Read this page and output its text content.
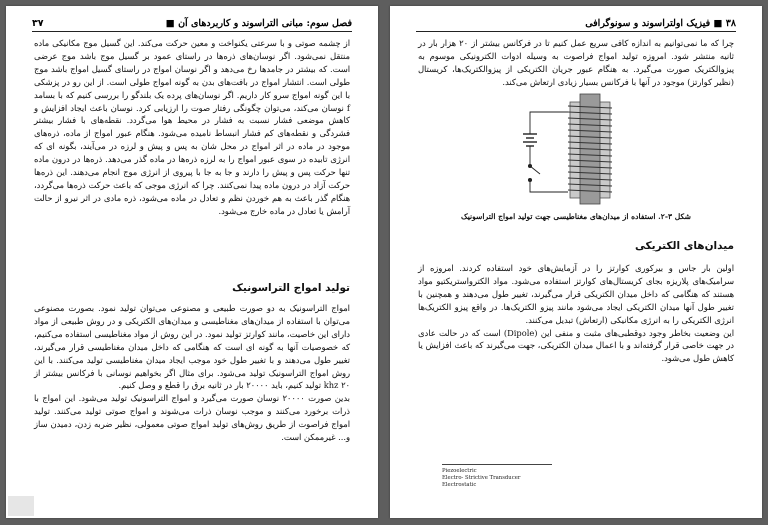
فصل سوم: مبانی التراسوند و کاربردهای آن ■
۳۷

از چشمه صوتی و با سرعتی یکنواخت و معین حرکت می‌کند. این گسیل موج مکانیکی ماده منتقل نمی‌شود. اگر نوسان‌های ذره‌ها در راستای عمود بر گسیل موج باشد موج عرضی است. که بیشتر در جامدها رخ می‌دهد و اگر نوسان امواج در راستای گسیل امواج باشد موج طولی است. انتشار امواج در بافت‌های بدن به گونه امواج طولی است. از این رو در پزشکی با این گونه امواج سرو کار داریم. اگر نوسان‌های پرده یک بلندگو را بررسی کنیم که با بسامد f نوسان می‌کند، می‌توان چگونگی رفتار صوت را ارزیابی کرد. نوسان باعث ایجاد افزایش و کاهش موضعی فشار نسبت به فشار در محیط هوا می‌گردد. نقطه‌های با فشار بیشتر فشردگی و نقطه‌های کم فشار انبساط نامیده می‌شود. هنگام عبور امواج از ماده، ذره‌های موجود در ماده در اثر امواج در محل شان به پس و پیش و لرزه در می‌آیند، بگونه ای که انرژی تابیده در سوی عبور امواج را به لرزه ذره‌ها در ماده گذر می‌دهد. ذره‌ها در درون ماده تنها حرکت پس و پیش را دارند و جا به جا با پیروی از انرژی موج انجام می‌دهند. این ذره‌ها حرکت آزاد در درون ماده پیدا نمی‌کنند. چرا که انرژی موجی که باعث حرکت ذره‌ها می‌گردد، هنگام گذر باعث به هم خوردن نظم و تعادل در ماده می‌شود، ذره مادی در اثر نیرو از حالت آرامش یا تعادل در ماده خارج می‌شود.

تولید امواج التراسونیک

امواج التراسونیک به دو صورت طبیعی و مصنوعی می‌توان تولید نمود. بصورت مصنوعی می‌توان با استفاده از میدان‌های مغناطیسی و میدان‌های الکتریکی و در روش طبیعی از مواد دارای این خاصیت، مانند کوارتز تولید نمود. در این روش از مواد مغناطیسی استفاده می‌کنیم، که خصوصیات آنها به گونه ای است که هنگامی که داخل میدان مغناطیسی قرار می‌گیرند، تغییر طول می‌دهند و با تغییر طول خود موجب ایجاد میدان مغناطیسی تولید می‌کنند. با این روش امواج التراسونیک تولید می‌شود. برای مثال اگر بخواهیم نوسانی با فرکانس بیشتر از ۲۰ khz تولید کنیم، باید ۲۰۰۰۰ بار در ثانیه برق را قطع و وصل کنیم.

بدین صورت ۲۰۰۰۰ نوسان صورت می‌گیرد و امواج التراسونیک تولید می‌شود. این امواج با ذرات برخورد می‌کنند و موجب نوسان ذرات می‌شوند و امواج صوتی تولید می‌کنند. تولید امواج فراصوت از طریق روش‌های تولید امواج صوتی معمولی، نظیر ضربه زدن، دمیدن ساز و... غیرممکن است.

۳۸ ■ فیزیک اولتراسوند و سونوگرافی

چرا که ما نمی‌توانیم به اندازه کافی سریع عمل کنیم تا در فرکانس بیشتر از ۲۰ هزار بار در ثانیه منتشر شود. امروزه تولید امواج فراصوت به وسیله ادوات الکترونیکی موسوم به پیزوالکتریک صورت می‌گیرد. به هنگام عبور جریان الکتریکی از پیزوالکتریک‌ها، کریستال (نظیر کوارتز) موجود در آنها با فرکانس بسیار زیادی ارتعاش می‌کند.

شکل ۳-۲. استفاده از میدان‌های مغناطیسی جهت تولید امواج التراسونیک
میدان‌های الکتریکی

اولین بار جاس و بیرکوری کوارتز را در آزمایش‌های خود استفاده کردند. امروزه از سرامیک‌های پلاریزه بجای کریستال‌های کوارتز استفاده می‌شود. مواد الکترواستریکتیو مواد هستند که هنگامی که داخل میدان الکتریکی قرار می‌گیرند، تغییر طول می‌دهند و همچنین با تغییر طول آنها میدان الکتریکی ایجاد می‌شود مانند پیزو الکتریک‌ها. در واقع پیزو الکتریک‌ها انرژی الکتریکی را به انرژی مکانیکی (ارتعاش) تبدیل می‌کنند.

این وضعیت بخاطر وجود دوقطبی‌های مثبت و منفی این (Dipole) است که در حالت عادی در جهت خاصی قرار گرفته‌اند و با اعمال میدان الکتریکی، جهت می‌گیرند که باعث افزایش یا کاهش طول می‌شود.

Piezoelectric
Electro- Strictive Transducer
Electrostatic
